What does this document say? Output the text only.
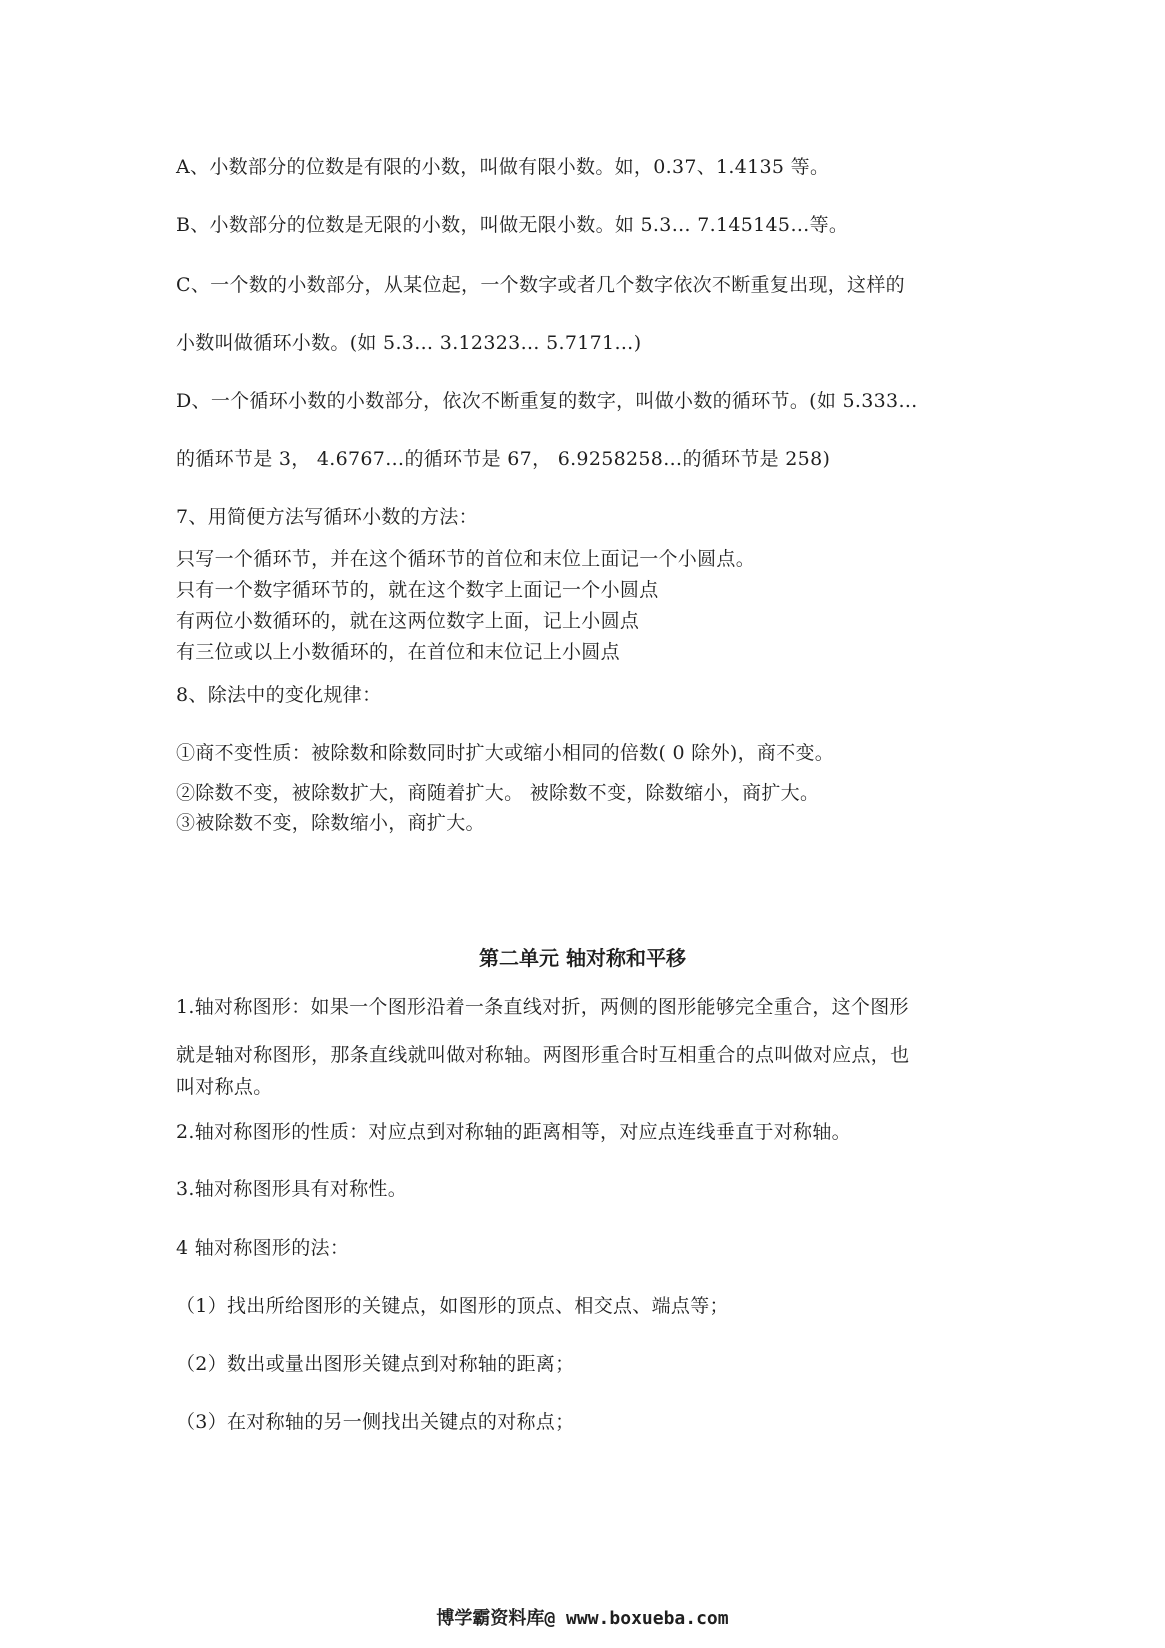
A、小数部分的位数是有限的小数，叫做有限小数。如，0.37、1.4135 等。
B、小数部分的位数是无限的小数，叫做无限小数。如 5.3… 7.145145…等。
C、一个数的小数部分，从某位起，一个数字或者几个数字依次不断重复出现，这样的
小数叫做循环小数。(如 5.3… 3.12323… 5.7171…)
D、一个循环小数的小数部分，依次不断重复的数字，叫做小数的循环节。(如 5.333…
的循环节是 3， 4.6767…的循环节是 67， 6.9258258…的循环节是 258)
7、用简便方法写循环小数的方法：
只写一个循环节，并在这个循环节的首位和末位上面记一个小圆点。
只有一个数字循环节的，就在这个数字上面记一个小圆点
有两位小数循环的，就在这两位数字上面，记上小圆点
有三位或以上小数循环的，在首位和末位记上小圆点
8、除法中的变化规律：
①商不变性质：被除数和除数同时扩大或缩小相同的倍数( 0 除外)，商不变。
②除数不变，被除数扩大，商随着扩大。 被除数不变，除数缩小，商扩大。
③被除数不变，除数缩小，商扩大。
第二单元 轴对称和平移
1.轴对称图形：如果一个图形沿着一条直线对折，两侧的图形能够完全重合，这个图形
就是轴对称图形，那条直线就叫做对称轴。两图形重合时互相重合的点叫做对应点，也
叫对称点。
2.轴对称图形的性质：对应点到对称轴的距离相等，对应点连线垂直于对称轴。
3.轴对称图形具有对称性。
4 轴对称图形的法：
（1）找出所给图形的关键点，如图形的顶点、相交点、端点等；
（2）数出或量出图形关键点到对称轴的距离；
（3）在对称轴的另一侧找出关键点的对称点；
博学霸资料库@ www.boxueba.com
